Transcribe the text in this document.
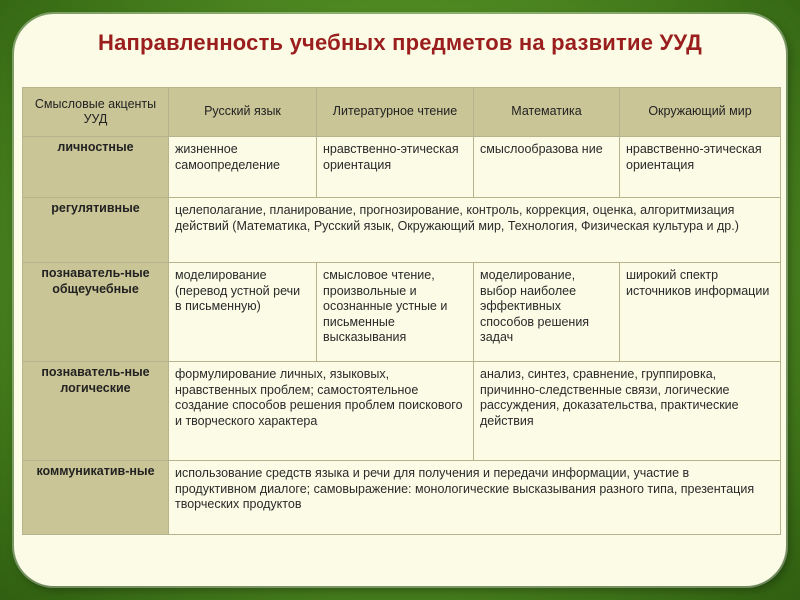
Направленность учебных предметов на развитие УУД
Смысловые акценты УУД	Русский язык	Литературное чтение	Математика	Окружающий мир
личностные	жизненное самоопределение	нравственно-этическая ориентация	смыслообразова ние	нравственно-этическая ориентация
регулятивные	целеполагание, планирование, прогнозирование, контроль, коррекция, оценка, алгоритмизация действий (Математика, Русский язык, Окружающий мир, Технология, Физическая культура и др.)			
познаватель-ные общеучебные	моделирование (перевод устной речи в письменную)	смысловое чтение, произвольные и осознанные устные и письменные высказывания	моделирование, выбор наиболее эффективных способов решения задач	широкий спектр источников информации
познаватель-ные логические	формулирование личных, языковых, нравственных проблем; самостоятельное создание способов решения проблем поискового и творческого характера		анализ, синтез, сравнение, группировка, причинно-следственные связи, логические рассуждения, доказательства, практические действия	
коммуникатив-ные	использование средств языка и речи для получения и передачи информации, участие в продуктивном диалоге; самовыражение: монологические высказывания разного типа, презентация творческих продуктов			
